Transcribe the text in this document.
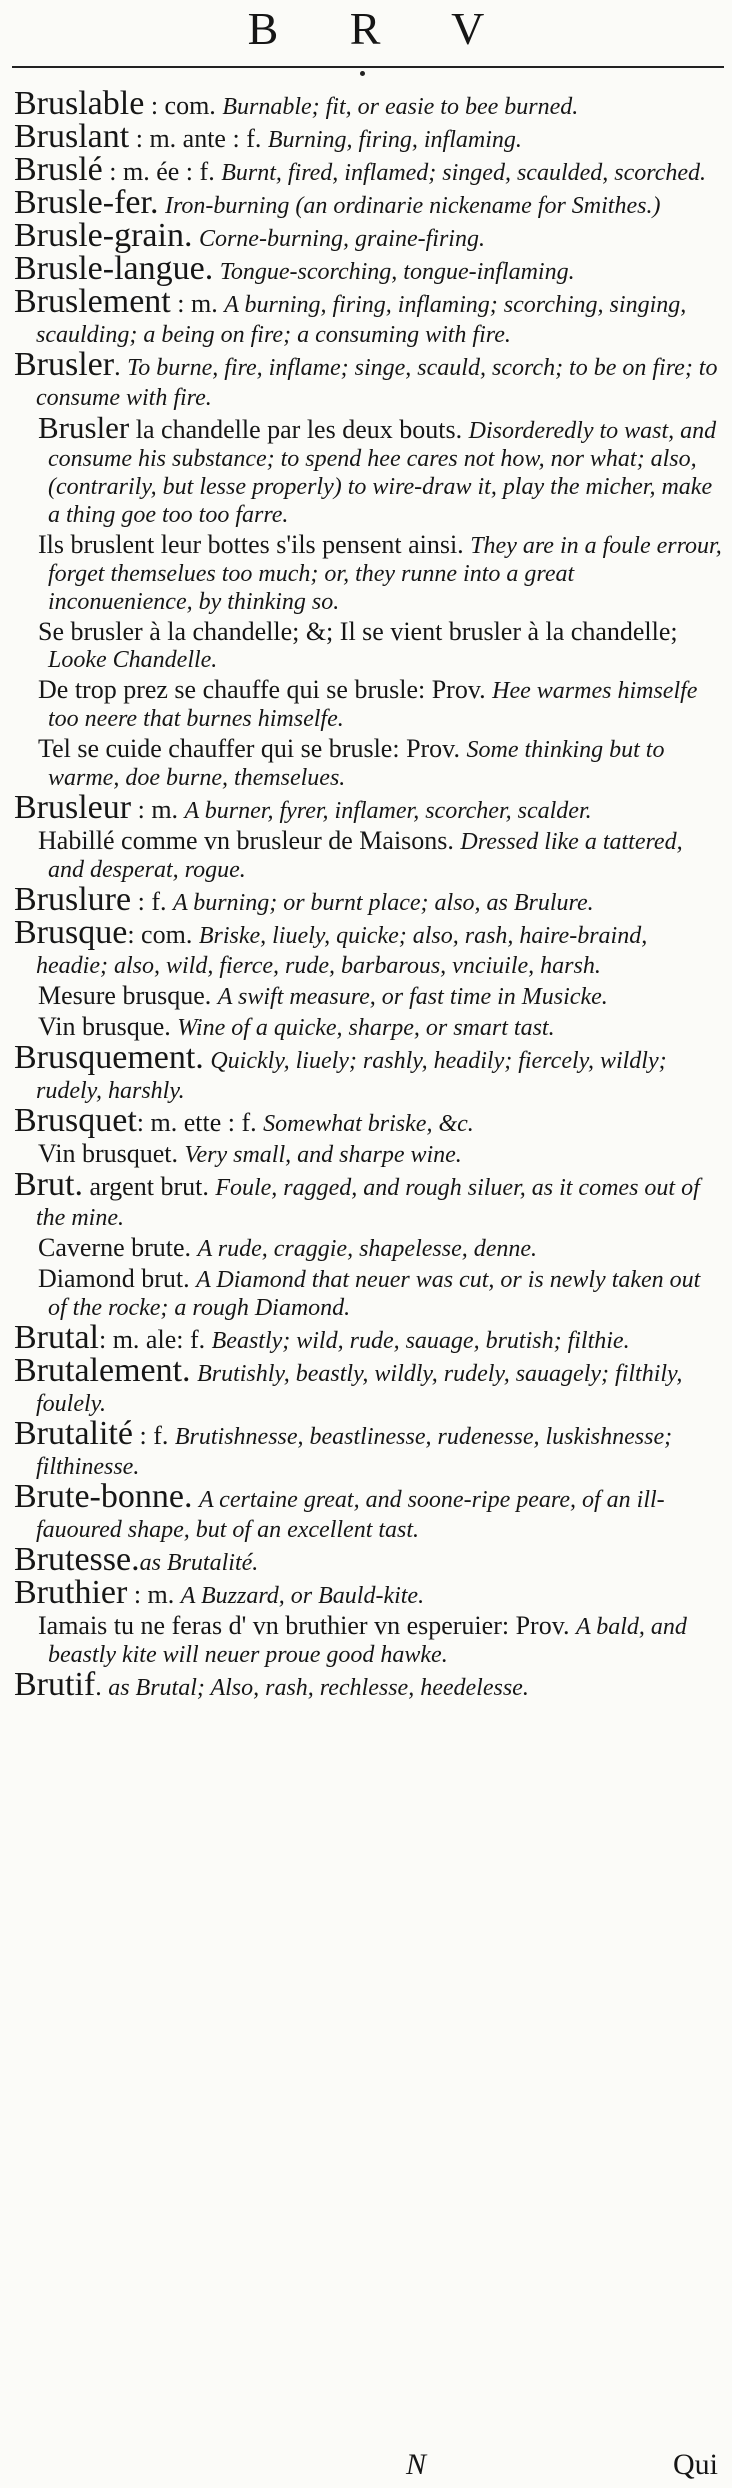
B R V

Bruslable : com. Burnable; fit, or easie to bee burned.

Bruslant : m. ante : f. Burning, firing, inflaming.

Bruslé : m. ée : f. Burnt, fired, inflamed; singed, scaulded, scorched.

Brusle-fer. Iron-burning (an ordinarie nickename for Smithes.)

Brusle-grain. Corne-burning, graine-firing.

Brusle-langue. Tongue-scorching, tongue-inflaming.

Bruslement : m. A burning, firing, inflaming; scorching, singing, scaulding; a being on fire; a consuming with fire.

Brusler. To burne, fire, inflame; singe, scauld, scorch; to be on fire; to consume with fire.

Brusler la chandelle par les deux bouts. Disorderedly to wast, and consume his substance; to spend hee cares not how, nor what; also, (contrarily, but lesse properly) to wire-draw it, play the micher, make a thing goe too too farre.

Ils bruslent leur bottes s'ils pensent ainsi. They are in a foule errour, forget themselues too much; or, they runne into a great inconuenience, by thinking so.

Se brusler à la chandelle; &; Il se vient brusler à la chandelle; Looke Chandelle.

De trop prez se chauffe qui se brusle: Prov. Hee warmes himselfe too neere that burnes himselfe.

Tel se cuide chauffer qui se brusle: Prov. Some thinking but to warme, doe burne, themselues.

Brusleur : m. A burner, fyrer, inflamer, scorcher, scalder.

Habillé comme vn brusleur de Maisons. Dressed like a tattered, and desperat, rogue.

Bruslure : f. A burning; or burnt place; also, as Brulure.

Brusque: com. Briske, liuely, quicke; also, rash, haire-braind, headie; also, wild, fierce, rude, barbarous, vnciuile, harsh.

Mesure brusque. A swift measure, or fast time in Musicke.

Vin brusque. Wine of a quicke, sharpe, or smart tast.

Brusquement. Quickly, liuely; rashly, headily; fiercely, wildly; rudely, harshly.

Brusquet: m. ette : f. Somewhat briske, &c.

Vin brusquet. Very small, and sharpe wine.

Brut. argent brut. Foule, ragged, and rough siluer, as it comes out of the mine.

Caverne brute. A rude, craggie, shapelesse, denne.

Diamond brut. A Diamond that neuer was cut, or is newly taken out of the rocke; a rough Diamond.

Brutal: m. ale: f. Beastly; wild, rude, sauage, brutish; filthie.

Brutalement. Brutishly, beastly, wildly, rudely, sauagely; filthily, foulely.

Brutalité : f. Brutishnesse, beastlinesse, rudenesse, luskishnesse; filthinesse.

Brute-bonne. A certaine great, and soone-ripe peare, of an ill-fauoured shape, but of an excellent tast.

Brutesse.as Brutalité.

Bruthier : m. A Buzzard, or Bauld-kite.

Iamais tu ne feras d' vn bruthier vn esperuier: Prov. A bald, and beastly kite will neuer proue good hawke.

Brutif. as Brutal; Also, rash, rechlesse, heedelesse.

N	Qui
